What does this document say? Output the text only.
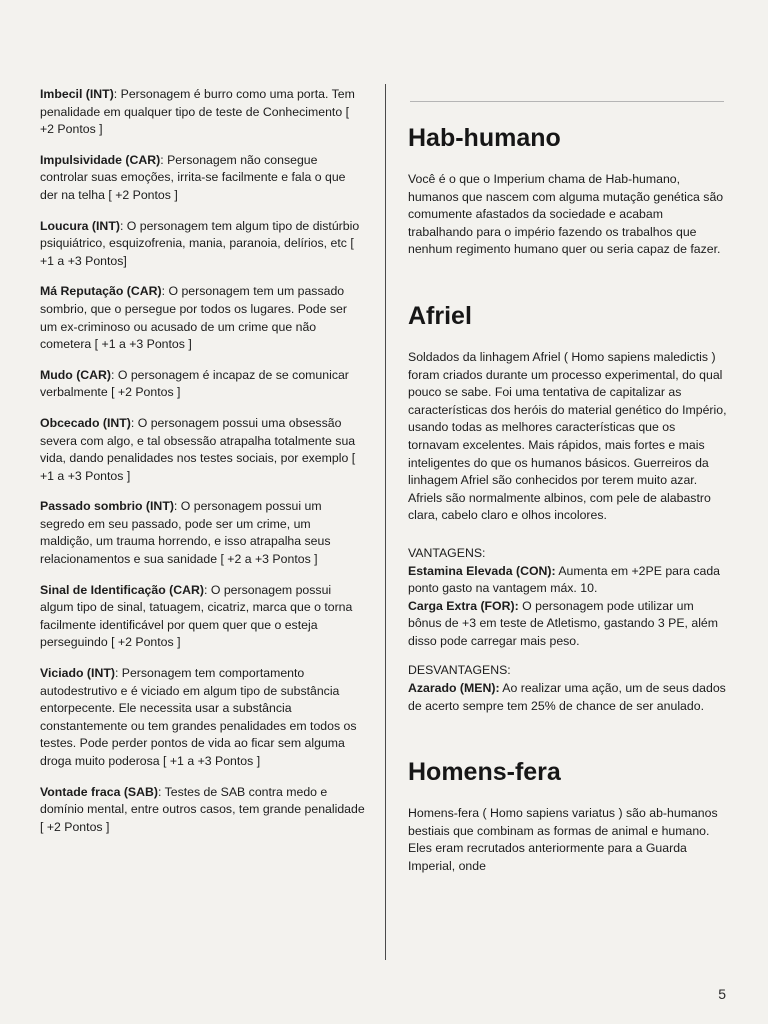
Imbecil (INT): Personagem é burro como uma porta. Tem penalidade em qualquer tipo de teste de Conhecimento [ +2 Pontos ]

Impulsividade (CAR): Personagem não consegue controlar suas emoções, irrita-se facilmente e fala o que der na telha [ +2 Pontos ]

Loucura (INT): O personagem tem algum tipo de distúrbio psiquiátrico, esquizofrenia, mania, paranoia, delírios, etc [ +1 a +3 Pontos]

Má Reputação (CAR): O personagem tem um passado sombrio, que o persegue por todos os lugares. Pode ser um ex-criminoso ou acusado de um crime que não cometera [ +1 a +3 Pontos ]

Mudo (CAR): O personagem é incapaz de se comunicar verbalmente [ +2 Pontos ]

Obcecado (INT): O personagem possui uma obsessão severa com algo, e tal obsessão atrapalha totalmente sua vida, dando penalidades nos testes sociais, por exemplo [ +1 a +3 Pontos ]

Passado sombrio (INT): O personagem possui um segredo em seu passado, pode ser um crime, um maldição, um trauma horrendo, e isso atrapalha seus relacionamentos e sua sanidade [ +2 a +3 Pontos ]

Sinal de Identificação (CAR): O personagem possui algum tipo de sinal, tatuagem, cicatriz, marca que o torna facilmente identificável por quem quer que o esteja perseguindo [ +2 Pontos ]

Viciado (INT): Personagem tem comportamento autodestrutivo e é viciado em algum tipo de substância entorpecente. Ele necessita usar a substância constantemente ou tem grandes penalidades em todos os testes. Pode perder pontos de vida ao ficar sem alguma droga muito poderosa [ +1 a +3 Pontos ]

Vontade fraca (SAB): Testes de SAB contra medo e domínio mental, entre outros casos, tem grande penalidade [ +2 Pontos ]

Hab-humano

Você é o que o Imperium chama de Hab-humano, humanos que nascem com alguma mutação genética são comumente afastados da sociedade e acabam trabalhando para o império fazendo os trabalhos que nenhum regimento humano quer ou seria capaz de fazer.

Afriel

Soldados da linhagem Afriel ( Homo sapiens maledictis ) foram criados durante um processo experimental, do qual pouco se sabe. Foi uma tentativa de capitalizar as características dos heróis do material genético do Império, usando todas as melhores características que os tornavam excelentes. Mais rápidos, mais fortes e mais inteligentes do que os humanos básicos. Guerreiros da linhagem Afriel são conhecidos por terem muito azar. Afriels são normalmente albinos, com pele de alabastro clara, cabelo claro e olhos incolores.

VANTAGENS:

Estamina Elevada (CON): Aumenta em +2PE para cada ponto gasto na vantagem máx. 10.

Carga Extra (FOR): O personagem pode utilizar um bônus de +3 em teste de Atletismo, gastando 3 PE, além disso pode carregar mais peso.

DESVANTAGENS:

Azarado (MEN): Ao realizar uma ação, um de seus dados de acerto sempre tem 25% de chance de ser anulado.

Homens-fera

Homens-fera ( Homo sapiens variatus ) são ab-humanos bestiais que combinam as formas de animal e humano. Eles eram recrutados anteriormente para a Guarda Imperial, onde

5
